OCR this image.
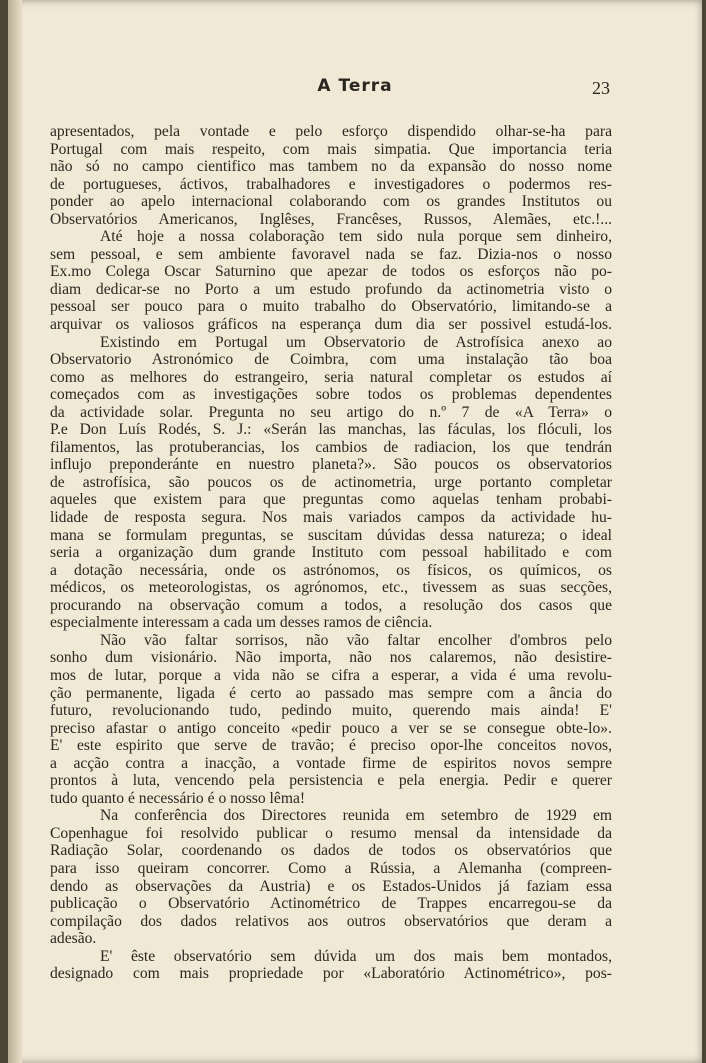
A Terra	23
apresentados, pela vontade e pelo esforço dispendido olhar-se-ha para
Portugal com mais respeito, com mais simpatia. Que importancia teria
não só no campo cientifico mas tambem no da expansão do nosso nome
de portugueses, áctivos, trabalhadores e investigadores o podermos res-
ponder ao apelo internacional colaborando com os grandes Institutos ou
Observatórios Americanos, Inglêses, Francêses, Russos, Alemães, etc.!...
Até hoje a nossa colaboração tem sido nula porque sem dinheiro,
sem pessoal, e sem ambiente favoravel nada se faz. Dizia-nos o nosso
Ex.mo Colega Oscar Saturnino que apezar de todos os esforços não po-
diam dedicar-se no Porto a um estudo profundo da actinometria visto o
pessoal ser pouco para o muito trabalho do Observatório, limitando-se a
arquivar os valiosos gráficos na esperança dum dia ser possivel estudá-los.
Existindo em Portugal um Observatorio de Astrofísica anexo ao
Observatorio Astronómico de Coimbra, com uma instalação tão boa
como as melhores do estrangeiro, seria natural completar os estudos aí
começados com as investigações sobre todos os problemas dependentes
da actividade solar. Pregunta no seu artigo do n.º 7 de «A Terra» o
P.e Don Luís Rodés, S. J.: «Serán las manchas, las fáculas, los flóculi, los
filamentos, las protuberancias, los cambios de radiacion, los que tendrán
influjo preponderánte en nuestro planeta?». São poucos os observatorios
de astrofísica, são poucos os de actinometria, urge portanto completar
aqueles que existem para que preguntas como aquelas tenham probabi-
lidade de resposta segura. Nos mais variados campos da actividade hu-
mana se formulam preguntas, se suscitam dúvidas dessa natureza; o ideal
seria a organização dum grande Instituto com pessoal habilitado e com
a dotação necessária, onde os astrónomos, os físicos, os químicos, os
médicos, os meteorologistas, os agrónomos, etc., tivessem as suas secções,
procurando na observação comum a todos, a resolução dos casos que
especialmente interessam a cada um desses ramos de ciência.
Não vão faltar sorrisos, não vão faltar encolher d'ombros pelo
sonho dum visionário. Não importa, não nos calaremos, não desistire-
mos de lutar, porque a vida não se cifra a esperar, a vida é uma revolu-
ção permanente, ligada é certo ao passado mas sempre com a ância do
futuro, revolucionando tudo, pedindo muito, querendo mais ainda! E'
preciso afastar o antigo conceito «pedir pouco a ver se se consegue obte-lo».
E' este espirito que serve de travão; é preciso opor-lhe conceitos novos,
a acção contra a inacção, a vontade firme de espiritos novos sempre
prontos à luta, vencendo pela persistencia e pela energia. Pedir e querer
tudo quanto é necessário é o nosso lêma!
Na conferência dos Directores reunida em setembro de 1929 em
Copenhague foi resolvido publicar o resumo mensal da intensidade da
Radiação Solar, coordenando os dados de todos os observatórios que
para isso queiram concorrer. Como a Rússia, a Alemanha (compreen-
dendo as observações da Austria) e os Estados-Unidos já faziam essa
publicação o Observatório Actinométrico de Trappes encarregou-se da
compilação dos dados relativos aos outros observatórios que deram a
adesão.
E' êste observatório sem dúvida um dos mais bem montados,
designado com mais propriedade por «Laboratório Actinométrico», pos-
